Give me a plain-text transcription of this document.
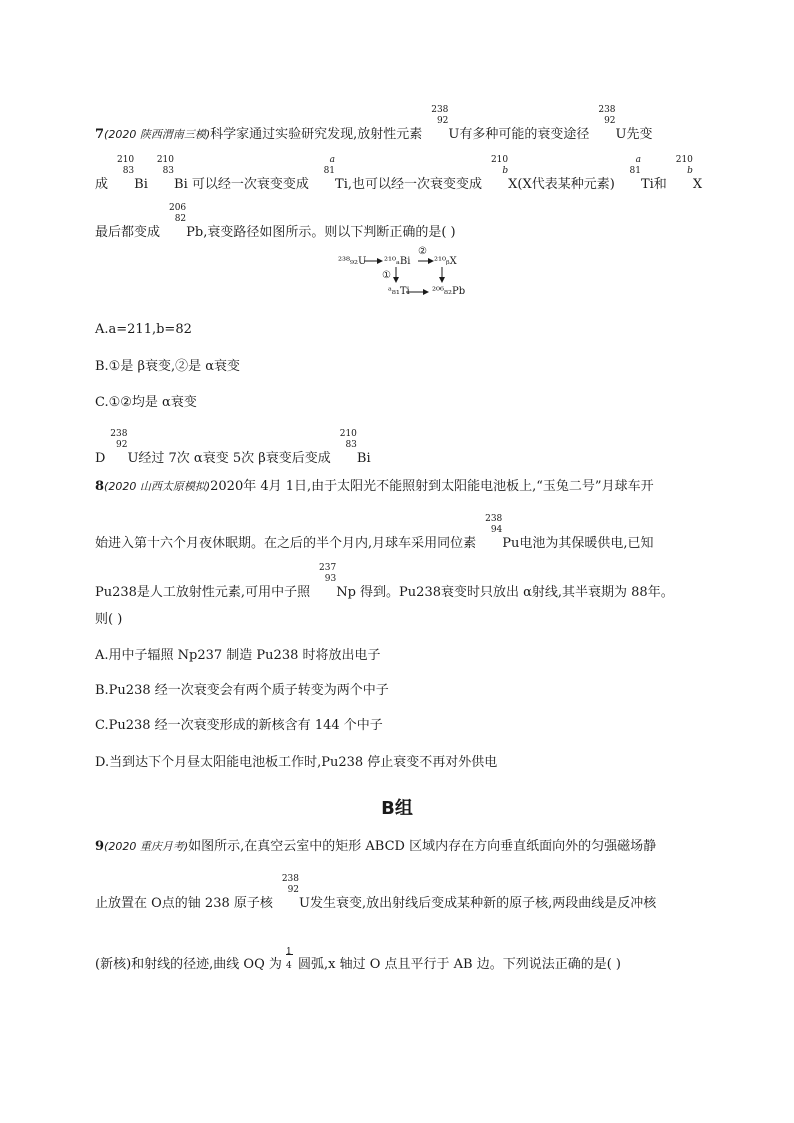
7(2020 陕西渭南三模)科学家通过实验研究发现,放射性元素
238
92
U有多种可能的衰变途径
238
92
U先变
成
210
83
Bi
210
83
Bi 可以经一次衰变变成
a
81
Ti,也可以经一次衰变变成
210
b
X(X代表某种元素)
a
81
Ti和
210
b
X
最后都变成
206
82
Pb,衰变路径如图所示。则以下判断正确的是( )
²³⁸₉₂U ²¹⁰ₐBi
②
²¹⁰ᵦX
①
ᵃ₈₁Ti ²⁰⁶₈₂Pb
A.a=211,b=82
B.①是 β衰变,②是 α衰变
C.①②均是 α衰变
D
238
92
U经过 7次 α衰变 5次 β衰变后变成
210
83
Bi
8(2020 山西太原模拟)2020年 4月 1日,由于太阳光不能照射到太阳能电池板上,“玉兔二号”月球车开
始进入第十六个月夜休眠期。在之后的半个月内,月球车采用同位素
238
94
Pu电池为其保暖供电,已知
Pu238是人工放射性元素,可用中子照
237
93
Np 得到。Pu238衰变时只放出 α射线,其半衰期为 88年。
则( )
A.用中子辐照 Np237 制造 Pu238 时将放出电子
B.Pu238 经一次衰变会有两个质子转变为两个中子
C.Pu238 经一次衰变形成的新核含有 144 个中子
D.当到达下个月昼太阳能电池板工作时,Pu238 停止衰变不再对外供电
B组
9(2020 重庆月考)如图所示,在真空云室中的矩形 ABCD 区域内存在方向垂直纸面向外的匀强磁场静
止放置在 O点的铀 238 原子核
238
92
U发生衰变,放出射线后变成某种新的原子核,两段曲线是反冲核
(新核)和射线的径迹,曲线 OQ 为
$\frac{1}{4}$
圆弧,x 轴过 O 点且平行于 AB 边。下列说法正确的是( )
